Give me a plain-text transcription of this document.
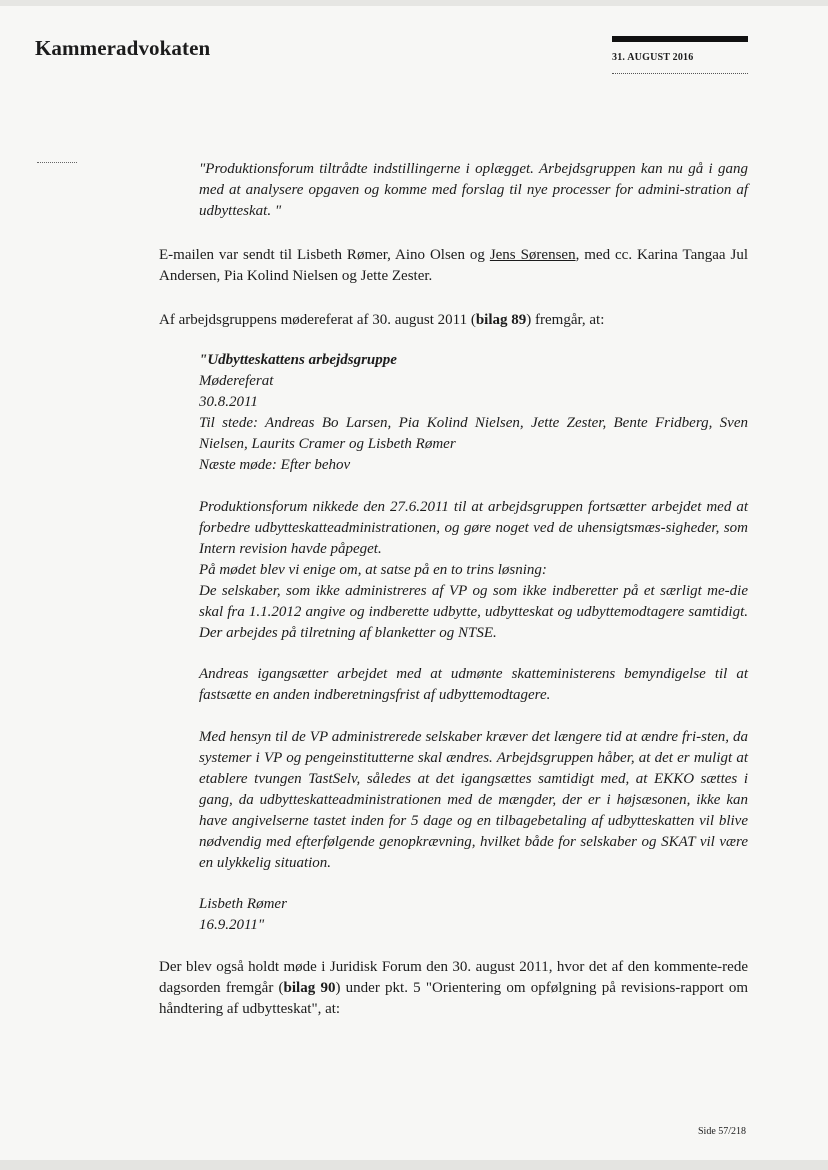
Kammeradvokaten	31. AUGUST 2016

"Produktionsforum tiltrådte indstillingerne i oplægget. Arbejdsgruppen kan nu gå i gang med at analysere opgaven og komme med forslag til nye processer for admini-stration af udbytteskat. "

E-mailen var sendt til Lisbeth Rømer, Aino Olsen og Jens Sørensen, med cc. Karina Tangaa Jul Andersen, Pia Kolind Nielsen og Jette Zester.

Af arbejdsgruppens mødereferat af 30. august 2011 (bilag 89) fremgår, at:

"Udbytteskattens arbejdsgruppe

Mødereferat

30.8.2011

Til stede: Andreas Bo Larsen, Pia Kolind Nielsen, Jette Zester, Bente Fridberg, Sven Nielsen, Laurits Cramer og Lisbeth Rømer

Næste møde: Efter behov

Produktionsforum nikkede den 27.6.2011 til at arbejdsgruppen fortsætter arbejdet med at forbedre udbytteskatteadministrationen, og gøre noget ved de uhensigtsmæs-sigheder, som Intern revision havde påpeget.

På mødet blev vi enige om, at satse på en to trins løsning:

De selskaber, som ikke administreres af VP og som ikke indberetter på et særligt me-die skal fra 1.1.2012 angive og indberette udbytte, udbytteskat og udbyttemodtagere samtidigt. Der arbejdes på tilretning af blanketter og NTSE.

Andreas igangsætter arbejdet med at udmønte skatteministerens bemyndigelse til at fastsætte en anden indberetningsfrist af udbyttemodtagere.

Med hensyn til de VP administrerede selskaber kræver det længere tid at ændre fri-sten, da systemer i VP og pengeinstitutterne skal ændres. Arbejdsgruppen håber, at det er muligt at etablere tvungen TastSelv, således at det igangsættes samtidigt med, at EKKO sættes i gang, da udbytteskatteadministrationen med de mængder, der er i højsæsonen, ikke kan have angivelserne tastet inden for 5 dage og en tilbagebetaling af udbytteskatten vil blive nødvendig med efterfølgende genopkrævning, hvilket både for selskaber og SKAT vil være en ulykkelig situation.

Lisbeth Rømer

16.9.2011"

Der blev også holdt møde i Juridisk Forum den 30. august 2011, hvor det af den kommente-rede dagsorden fremgår (bilag 90) under pkt. 5 "Orientering om opfølgning på revisions-rapport om håndtering af udbytteskat", at:

Side 57/218
